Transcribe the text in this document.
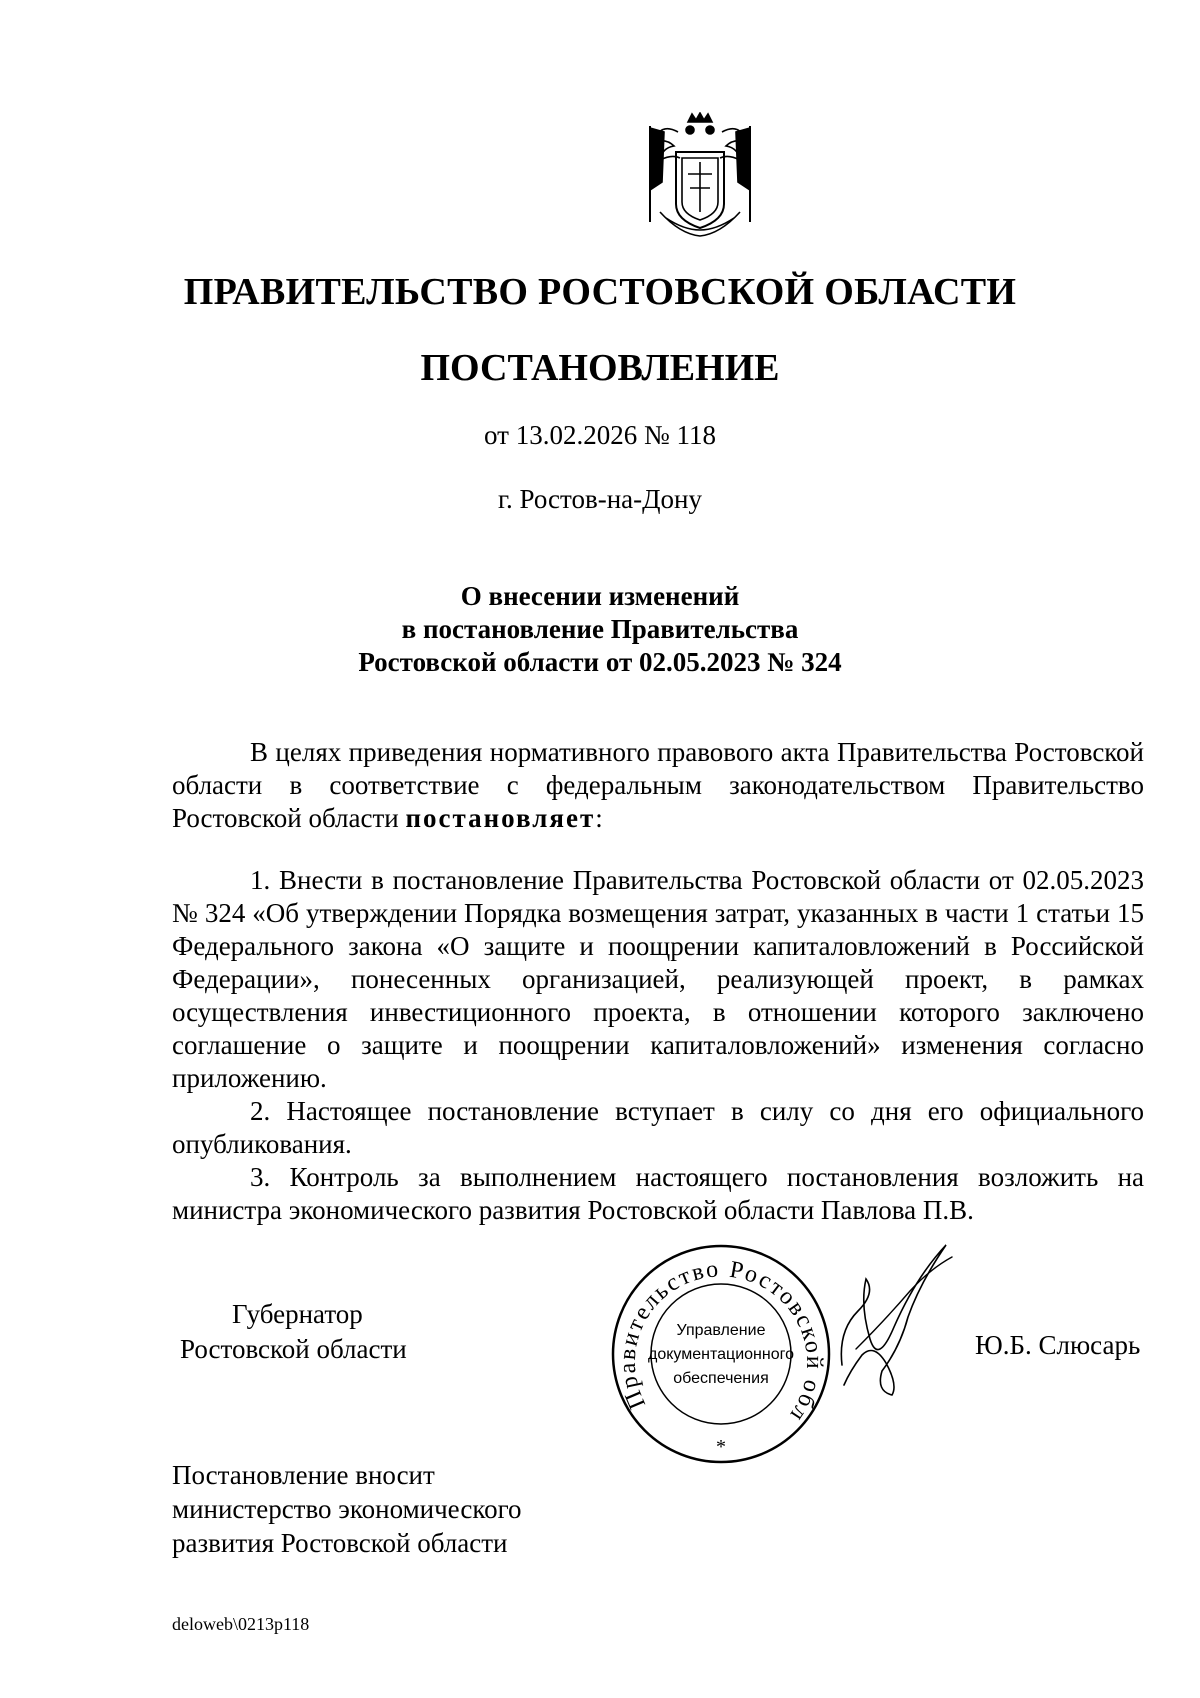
ПРАВИТЕЛЬСТВО РОСТОВСКОЙ ОБЛАСТИ
ПОСТАНОВЛЕНИЕ
от 13.02.2026 № 118
г. Ростов-на-Дону
О внесении изменений
в постановление Правительства
Ростовской области от 02.05.2023 № 324
В целях приведения нормативного правового акта Правительства Ростовской области в соответствие с федеральным законодательством Правительство Ростовской области постановляет:
1. Внести в постановление Правительства Ростовской области от 02.05.2023 № 324 «Об утверждении Порядка возмещения затрат, указанных в части 1 статьи 15 Федерального закона «О защите и поощрении капиталовложений в Российской Федерации», понесенных организацией, реализующей проект, в рамках осуществления инвестиционного проекта, в отношении которого заключено соглашение о защите и поощрении капиталовложений» изменения согласно приложению.
2. Настоящее постановление вступает в силу со дня его официального опубликования.
3. Контроль за выполнением настоящего постановления возложить на министра экономического развития Ростовской области Павлова П.В.
Губернатор
Ростовской области
Правительство Ростовской обл
Управление
документационного
обеспечения
*
Ю.Б. Слюсарь
Постановление вносит
министерство экономического
развития Ростовской области
deloweb\0213p118
